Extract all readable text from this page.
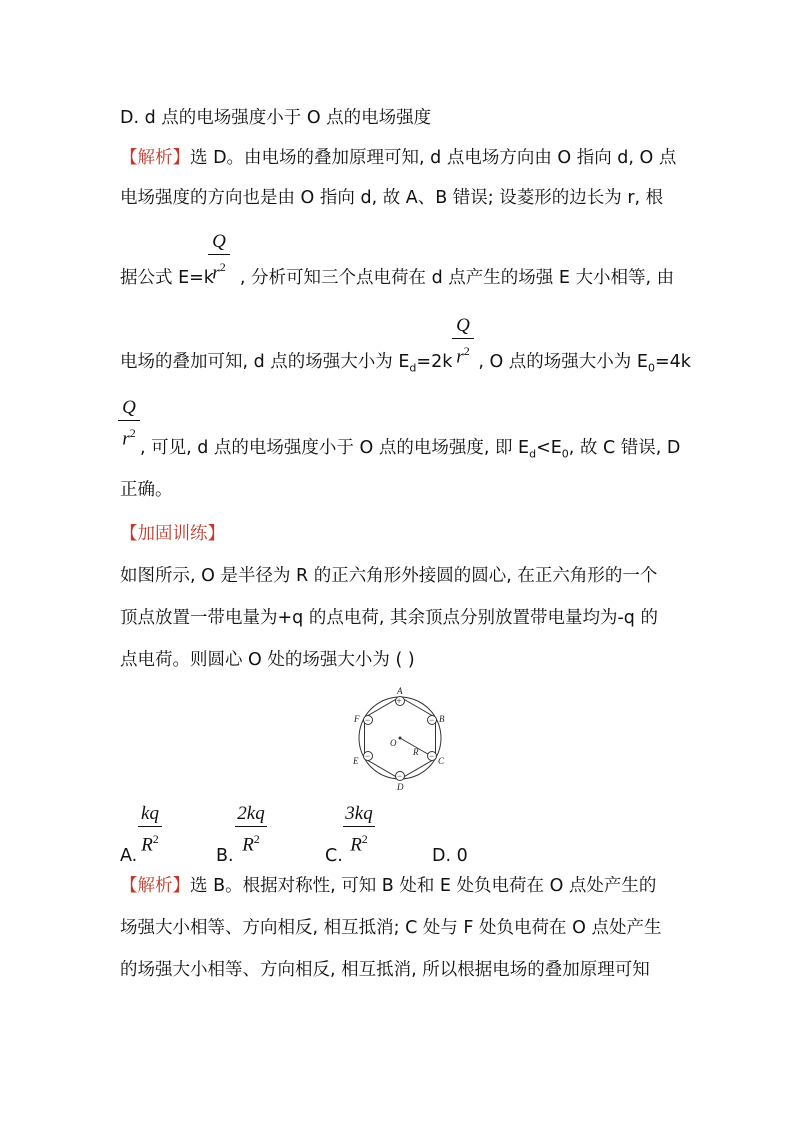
D. d 点的电场强度小于 O 点的电场强度
【解析】选 D。由电场的叠加原理可知, d 点电场方向由 O 指向 d, O 点
电场强度的方向也是由 O 指向 d, 故 A、B 错误; 设菱形的边长为 r, 根
Q
$r^2$
据公式 E=k , 分析可知三个点电荷在 d 点产生的场强 E 大小相等, 由
Q
$r^2$
电场的叠加可知, d 点的场强大小为 $E_d=2k$ , O 点的场强大小为 $E_0=4k$
Q
$r^2$
, 可见, d 点的电场强度小于 O 点的电场强度, 即 $E_d<E_0$, 故 C 错误, D
正确。
【加固训练】
如图所示, O 是半径为 R 的正六角形外接圆的圆心, 在正六角形的一个
顶点放置一带电量为+q 的点电荷, 其余顶点分别放置带电量均为-q 的
点电荷。则圆心 O 处的场强大小为 ( )
+
−
−
−
−
−
A
B
C
D
E
F
O
R
A.
kq
$R^2$
B.
2kq
$R^2$
C.
3kq
$R^2$
D. 0
【解析】选 B。根据对称性, 可知 B 处和 E 处负电荷在 O 点处产生的
场强大小相等、方向相反, 相互抵消; C 处与 F 处负电荷在 O 点处产生
的场强大小相等、方向相反, 相互抵消, 所以根据电场的叠加原理可知
